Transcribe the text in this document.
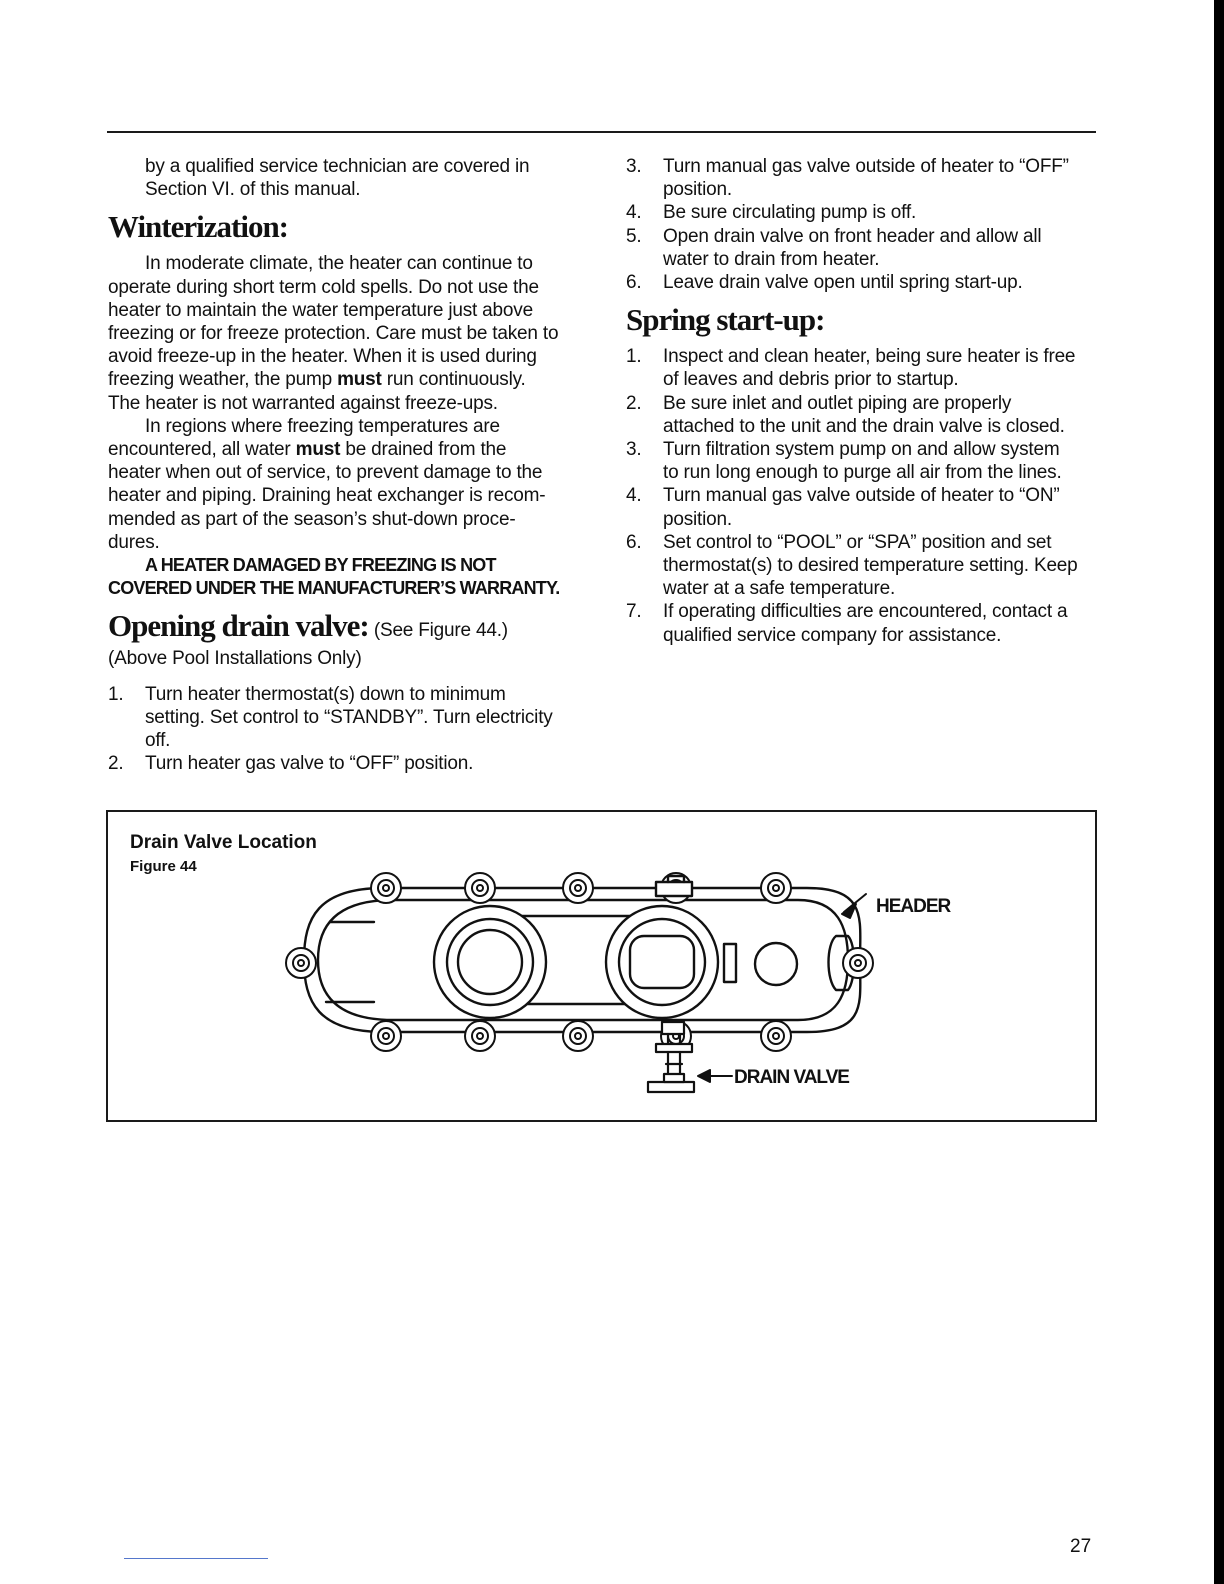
by a qualified service technician are covered in
Section VI. of this manual.
Winterization:
In moderate climate, the heater can continue to
operate during short term cold spells. Do not use the
heater to maintain the water temperature just above
freezing or for freeze protection. Care must be taken to
avoid freeze-up in the heater. When it is used during
freezing weather, the pump must run continuously.
The heater is not warranted against freeze-ups.
In regions where freezing temperatures are
encountered, all water must be drained from the
heater when out of service, to prevent damage to the
heater and piping. Draining heat exchanger is recom-
mended as part of the season’s shut-down proce-
dures.

A HEATER DAMAGED BY FREEZING IS NOT
COVERED UNDER THE MANUFACTURER’S WARRANTY.

Opening drain valve: (See Figure 44.)
(Above Pool Installations Only)
1. Turn heater thermostat(s) down to minimum
setting. Set control to “STANDBY”. Turn electricity
off.
2. Turn heater gas valve to “OFF” position.
3. Turn manual gas valve outside of heater to “OFF”
position.
4. Be sure circulating pump is off.
5. Open drain valve on front header and allow all
water to drain from heater.
6. Leave drain valve open until spring start-up.
Spring start-up:
1. Inspect and clean heater, being sure heater is free
of leaves and debris prior to startup.
2. Be sure inlet and outlet piping are properly
attached to the unit and the drain valve is closed.
3. Turn filtration system pump on and allow system
to run long enough to purge all air from the lines.
4. Turn manual gas valve outside of heater to “ON”
position.
6. Set control to “POOL” or “SPA” position and set
thermostat(s) to desired temperature setting. Keep
water at a safe temperature.
7. If operating difficulties are encountered, contact a
qualified service company for assistance.
HEADER
DRAIN VALVE
Drain Valve Location
Figure 44
27
